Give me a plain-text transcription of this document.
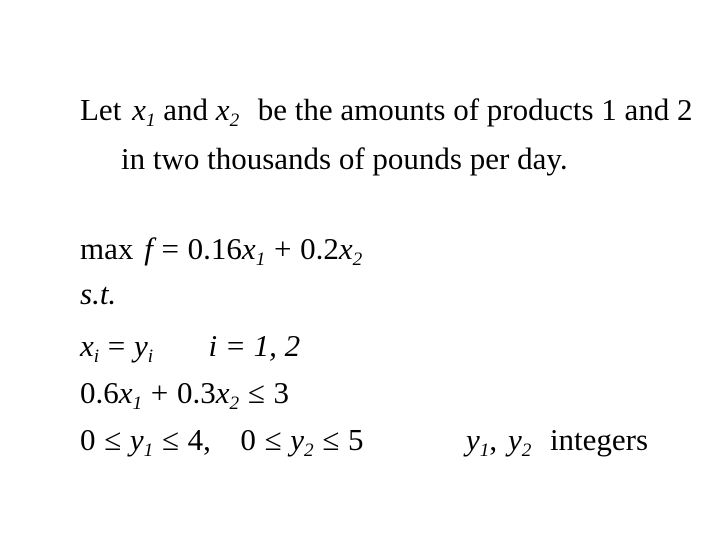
Let $x_1$ and $x_2$ be the amounts of products 1 and 2
in two thousands of pounds per day.
$\max f = 0.16x_1 + 0.2x_2$
s.t.
$x_i = y_i$ i = 1, 2
$0.6x_1 + 0.3x_2 \le 3$
$0 \le y_1 \le 4$, $0 \le y_2 \le 5$	$y_1$, $y_2$ integers
